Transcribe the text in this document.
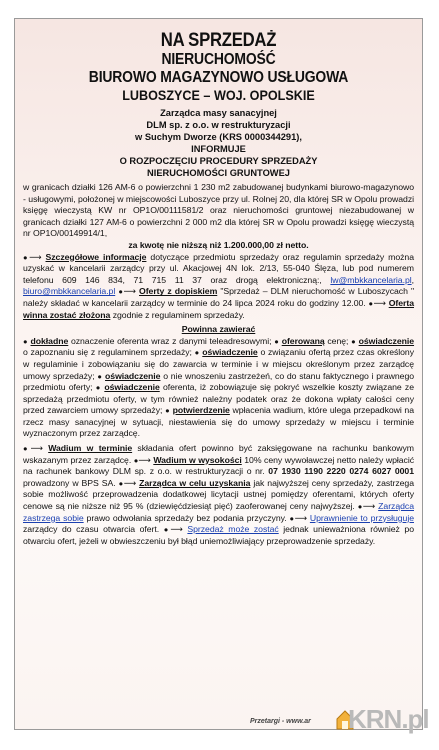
NA SPRZEDAŻ

NIERUCHOMOŚĆ

BIUROWO MAGAZYNOWO USŁUGOWA

LUBOSZYCE – WOJ. OPOLSKIE

Zarządca masy sanacyjnej

DLM sp. z o.o. w restrukturyzacji

w Suchym Dworze (KRS 0000344291),

INFORMUJE

O ROZPOCZĘCIU PROCEDURY SPRZEDAŻY

NIERUCHOMOŚCI GRUNTOWEJ

w granicach działki 126 AM-6 o powierzchni 1 230 m2 zabudowanej budynkami biurowo-magazynowo - usługowymi, położonej w miejscowości Luboszyce przy ul. Rolnej 20, dla której SR w Opolu prowadzi księgę wieczystą KW nr OP1O/00111581/2 oraz nieruchomości gruntowej niezabudowanej w granicach działki 127 AM-6 o powierzchni 2 000 m2 dla której SR w Opolu prowadzi księgę wieczystą nr OP1O/00149914/1,

za kwotę nie niższą niż 1.200.000,00 zł netto.

●⟶ Szczegółowe informacje dotyczące przedmiotu sprzedaży oraz regulamin sprzedaży można uzyskać w kancelarii zarządcy przy ul. Akacjowej 4N lok. 2/13, 55-040 Ślęza, lub pod numerem telefonu 609 146 834, 71 715 11 37 oraz drogą elektroniczną:, lw@mbkkancelaria.pl, biuro@mbkkancelaria.pl ●⟶ Oferty z dopiskiem "Sprzedaż – DLM nieruchomość w Luboszycach " należy składać w kancelarii zarządcy w terminie do 24 lipca 2024 roku do godziny 12.00. ●⟶ Oferta winna zostać złożona zgodnie z regulaminem sprzedaży.

Powinna zawierać

● dokładne oznaczenie oferenta wraz z danymi teleadresowymi; ● oferowaną cenę; ● oświadczenie o zapoznaniu się z regulaminem sprzedaży; ● oświadczenie o związaniu ofertą przez czas określony w regulaminie i zobowiązaniu się do zawarcia w terminie i w miejscu określonym przez zarządcę umowy sprzedaży; ● oświadczenie o nie wnoszeniu zastrzeżeń, co do stanu faktycznego i prawnego przedmiotu oferty; ● oświadczenie oferenta, iż zobowiązuje się pokryć wszelkie koszty związane ze sprzedażą przedmiotu oferty, w tym również należny podatek oraz że dokona wpłaty całości ceny przed zawarciem umowy sprzedaży; ● potwierdzenie wpłacenia wadium, które ulega przepadkowi na rzecz masy sanacyjnej w sytuacji, niestawienia się do umowy sprzedaży w miejscu i terminie wyznaczonym przez zarządcę.

●⟶ Wadium w terminie składania ofert powinno być zaksięgowane na rachunku bankowym wskazanym przez zarządcę. ●⟶ Wadium w wysokości 10% ceny wywoławczej netto należy wpłacić na rachunek bankowy DLM sp. z o.o. w restrukturyzacji o nr. 07 1930 1190 2220 0274 6027 0001 prowadzony w BPS SA. ●⟶ Zarządca w celu uzyskania jak najwyższej ceny sprzedaży, zastrzega sobie możliwość przeprowadzenia dodatkowej licytacji ustnej pomiędzy oferentami, których oferty cenowe są nie niższe niż 95 % (dziewięćdziesiąt pięć) zaoferowanej ceny najwyższej. ●⟶ Zarządca zastrzega sobie prawo odwołania sprzedaży bez podania przyczyny. ●⟶ Uprawnienie to przysługuje zarządcy do czasu otwarcia ofert. ●⟶ Sprzedaż może zostać jednak unieważniona również po otwarciu ofert, jeżeli w obwieszczeniu był błąd uniemożliwiający przeprowadzenie sprzedaży.

Przetargi - www.ar KRN.pl
